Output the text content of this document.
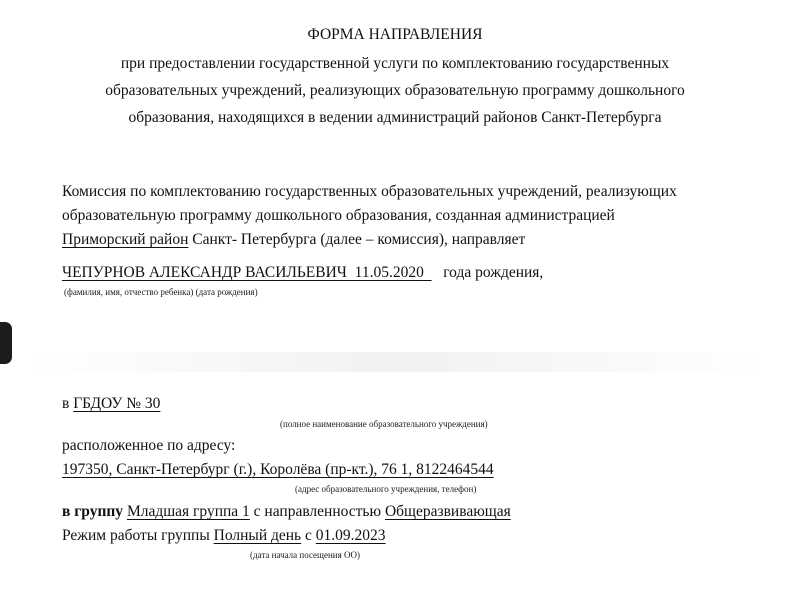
ФОРМА НАПРАВЛЕНИЯ
при предоставлении государственной услуги по комплектованию государственных
образовательных учреждений, реализующих образовательную программу дошкольного
образования, находящихся в ведении администраций районов Санкт-Петербурга
Комиссия по комплектованию государственных образовательных учреждений, реализующих
образовательную программу дошкольного образования, созданная администрацией
Приморский район Санкт- Петербурга (далее – комиссия), направляет
ЧЕПУРНОВ АЛЕКСАНДР ВАСИЛЬЕВИЧ 11.05.2020 года рождения,
(фамилия, имя, отчество ребенка) (дата рождения)
в ГБДОУ № 30
(полное наименование образовательного учреждения)
расположенное по адресу:
197350, Санкт-Петербург (г.), Королёва (пр-кт.), 76 1, 8122464544
(адрес образовательного учреждения, телефон)
в группу Младшая группа 1 с направленностью Общеразвивающая
Режим работы группы Полный день с 01.09.2023
(дата начала посещения ОО)
